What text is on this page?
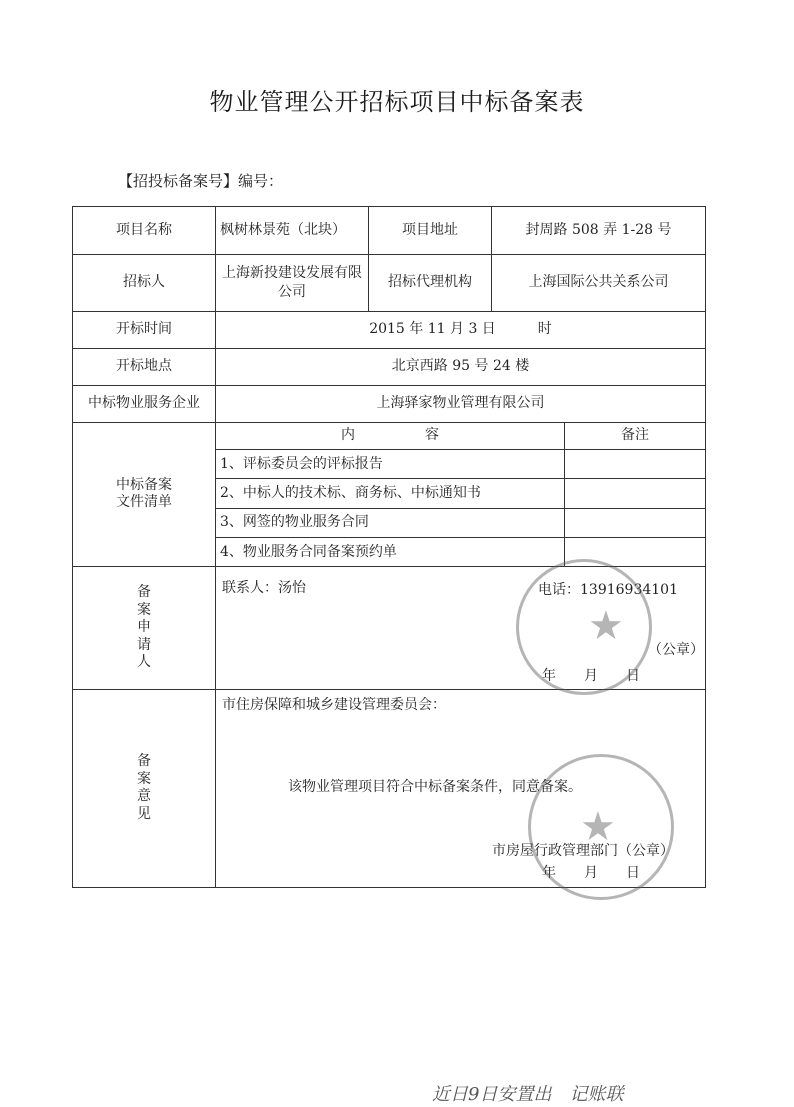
物业管理公开招标项目中标备案表
【招投标备案号】编号：
项目名称	枫树林景苑（北块）	项目地址	封周路 508 弄 1-28 号	
招标人	上海新投建设发展有限公司	招标代理机构	上海国际公共关系公司	
开标时间	2015 年 11 月 3 日　　　时			
开标地点	北京西路 95 号 24 楼			
中标物业服务企业	上海驿家物业管理有限公司			

中标备案文件清单	内　　　　　容			备注
	1、评标委员会的评标报告			
	2、中标人的技术标、商务标、中标通知书			
	3、网签的物业服务合同			
	4、物业服务合同备案预约单			

备案申请人	联系人：汤怡 电话：13916934101
（公章）
年　　月　　日
★			

备案意见	市住房保障和城乡建设管理委员会：
该物业管理项目符合中标备案条件，同意备案。
市房屋行政管理部门（公章）
年　　月　　日
★			
近日9日安置出　记账联
